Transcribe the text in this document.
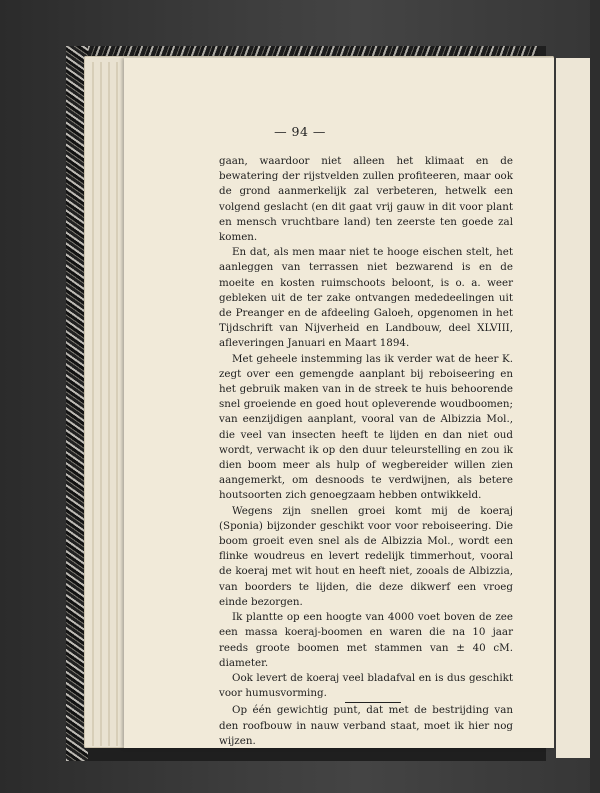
— 94 —

gaan, waardoor niet alleen het klimaat en de bewatering der rijstvelden zullen profiteeren, maar ook de grond aanmerkelijk zal verbeteren, hetwelk een volgend geslacht (en dit gaat vrij gauw in dit voor plant en mensch vruchtbare land) ten zeerste ten goede zal komen.

En dat, als men maar niet te hooge eischen stelt, het aanleggen van terrassen niet bezwarend is en de moeite en kosten ruimschoots beloont, is o. a. weer gebleken uit de ter zake ontvangen mededeelingen uit de Preanger en de afdeeling Galoeh, opgenomen in het Tijdschrift van Nijverheid en Landbouw, deel XLVIII, afleveringen Januari en Maart 1894.

Met geheele instemming las ik verder wat de heer K. zegt over een gemengde aanplant bij reboiseering en het gebruik maken van in de streek te huis behoorende snel groeiende en goed hout opleverende woudboomen; van eenzijdigen aanplant, vooral van de Albizzia Mol., die veel van insecten heeft te lijden en dan niet oud wordt, verwacht ik op den duur teleurstelling en zou ik dien boom meer als hulp of wegbereider willen zien aangemerkt, om desnoods te verdwijnen, als betere houtsoorten zich genoegzaam hebben ontwikkeld.

Wegens zijn snellen groei komt mij de koeraj (Sponia) bijzonder geschikt voor voor reboiseering. Die boom groeit even snel als de Albizzia Mol., wordt een flinke woudreus en levert redelijk timmerhout, vooral de koeraj met wit hout en heeft niet, zooals de Albizzia, van boorders te lijden, die deze dikwerf een vroeg einde bezorgen.

Ik plantte op een hoogte van 4000 voet boven de zee een massa koeraj-boomen en waren die na 10 jaar reeds groote boomen met stammen van ± 40 cM. diameter.

Ook levert de koeraj veel bladafval en is dus geschikt voor humusvorming.

Op één gewichtig punt, dat met de bestrijding van den roofbouw in nauw verband staat, moet ik hier nog wijzen.
